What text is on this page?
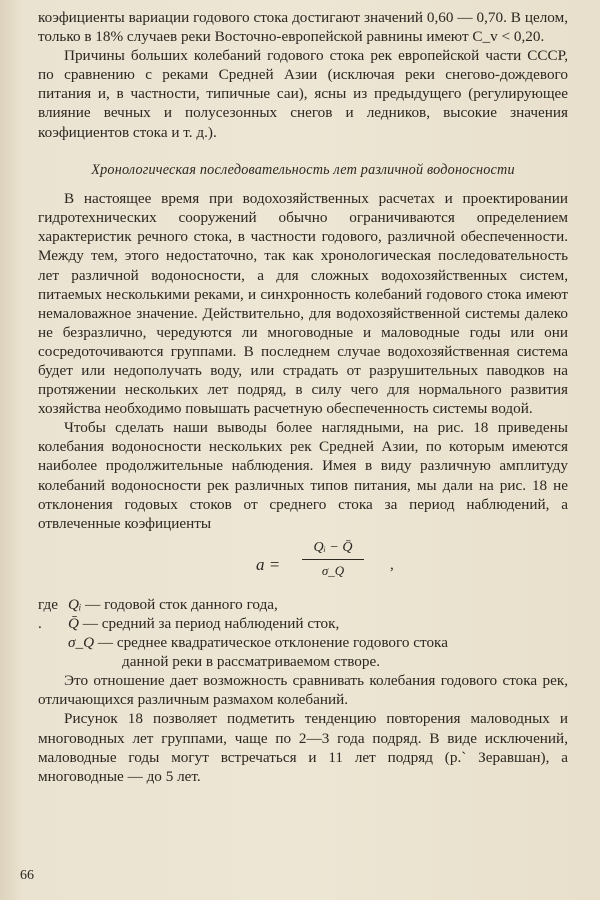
коэфициенты вариации годового стока достигают значений 0,60 — 0,70. В целом, только в 18% случаев реки Восточно-европейской равнины имеют C_v < 0,20.

Причины больших колебаний годового стока рек европейской части СССР, по сравнению с реками Средней Азии (исключая реки снегово-дождевого питания и, в частности, типичные саи), ясны из предыдущего (регулирующее влияние вечных и полусезонных снегов и ледников, высокие значения коэфициентов стока и т. д.).

Хронологическая последовательность лет различной водоносности

В настоящее время при водохозяйственных расчетах и проектировании гидротехнических сооружений обычно ограничиваются определением характеристик речного стока, в частности годового, различной обеспеченности. Между тем, этого недостаточно, так как хронологическая последовательность лет различной водоносности, а для сложных водохозяйственных систем, питаемых несколькими реками, и синхронность колебаний годового стока имеют немаловажное значение. Действительно, для водохозяйственной системы далеко не безразлично, чередуются ли многоводные и маловодные годы или они сосредоточиваются группами. В последнем случае водохозяйственная система будет или недополучать воду, или страдать от разрушительных паводков на протяжении нескольких лет подряд, в силу чего для нормального развития хозяйства необходимо повышать расчетную обеспеченность системы водой.

Чтобы сделать наши выводы более наглядными, на рис. 18 приведены колебания водоносности нескольких рек Средней Азии, по которым имеются наиболее продолжительные наблюдения. Имея в виду различную амплитуду колебаний водоносности рек различных типов питания, мы дали на рис. 18 не отклонения годовых стоков от среднего стока за период наблюдений, а отвлеченные коэфициенты

a =
Qᵢ − Q̄
σ_Q	,
где Qᵢ
— годовой сток данного года,
.	Q̄
— средний за период наблюдений сток,
σ_Q
— среднее квадратическое отклонение годового стока
данной реки в рассматриваемом створе.

Это отношение дает возможность сравнивать колебания годового стока рек, отличающихся различным размахом колебаний.

Рисунок 18 позволяет подметить тенденцию повторения маловодных и многоводных лет группами, чаще по 2—3 года подряд. В виде исключений, маловодные годы могут встречаться и 11 лет подряд (р.` Зеравшан), а многоводные — до 5 лет.

66
